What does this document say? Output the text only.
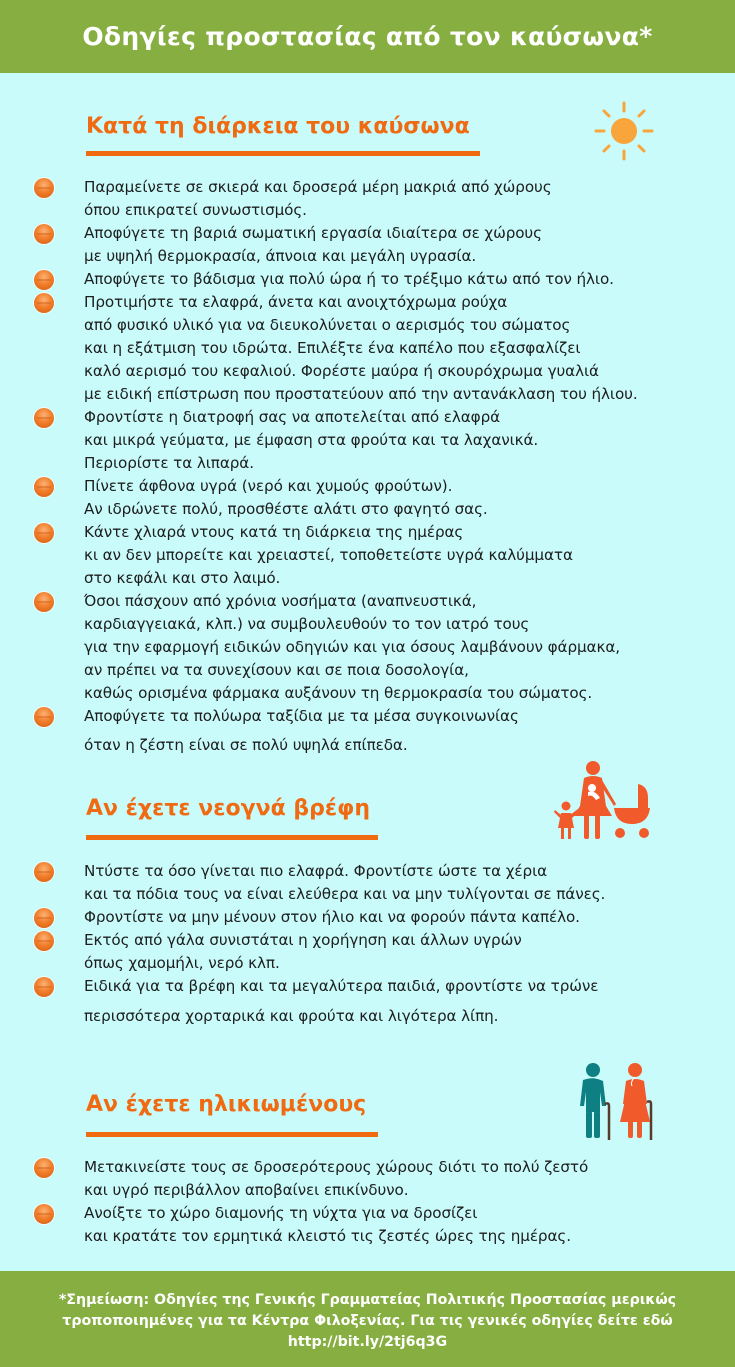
Οδηγίες προστασίας από τον καύσωνα*
Κατά τη διάρκεια του καύσωνα
Παραμείνετε σε σκιερά και δροσερά μέρη μακριά από χώρους
όπου επικρατεί συνωστισμός.
Αποφύγετε τη βαριά σωματική εργασία ιδιαίτερα σε χώρους
με υψηλή θερμοκρασία, άπνοια και μεγάλη υγρασία.
Αποφύγετε το βάδισμα για πολύ ώρα ή το τρέξιμο κάτω από τον ήλιο.
Προτιμήστε τα ελαφρά, άνετα και ανοιχτόχρωμα ρούχα
από φυσικό υλικό για να διευκολύνεται ο αερισμός του σώματος
και η εξάτμιση του ιδρώτα. Επιλέξτε ένα καπέλο που εξασφαλίζει
καλό αερισμό του κεφαλιού. Φορέστε μαύρα ή σκουρόχρωμα γυαλιά
με ειδική επίστρωση που προστατεύουν από την αντανάκλαση του ήλιου.
Φροντίστε η διατροφή σας να αποτελείται από ελαφρά
και μικρά γεύματα, με έμφαση στα φρούτα και τα λαχανικά.
Περιορίστε τα λιπαρά.
Πίνετε άφθονα υγρά (νερό και χυμούς φρούτων).
Αν ιδρώνετε πολύ, προσθέστε αλάτι στο φαγητό σας.
Κάντε χλιαρά ντους κατά τη διάρκεια της ημέρας
κι αν δεν μπορείτε και χρειαστεί, τοποθετείστε υγρά καλύμματα
στο κεφάλι και στο λαιμό.
Όσοι πάσχουν από χρόνια νοσήματα (αναπνευστικά,
καρδιαγγειακά, κλπ.) να συμβουλευθούν το τον ιατρό τους
για την εφαρμογή ειδικών οδηγιών και για όσους λαμβάνουν φάρμακα,
αν πρέπει να τα συνεχίσουν και σε ποια δοσολογία,
καθώς ορισμένα φάρμακα αυξάνουν τη θερμοκρασία του σώματος.
Αποφύγετε τα πολύωρα ταξίδια με τα μέσα συγκοινωνίας
όταν η ζέστη είναι σε πολύ υψηλά επίπεδα.
Αν έχετε νεογνά βρέφη
Ντύστε τα όσο γίνεται πιο ελαφρά. Φροντίστε ώστε τα χέρια
και τα πόδια τους να είναι ελεύθερα και να μην τυλίγονται σε πάνες.
Φροντίστε να μην μένουν στον ήλιο και να φορούν πάντα καπέλο.
Εκτός από γάλα συνιστάται η χορήγηση και άλλων υγρών
όπως χαμομήλι, νερό κλπ.
Ειδικά για τα βρέφη και τα μεγαλύτερα παιδιά, φροντίστε να τρώνε
περισσότερα χορταρικά και φρούτα και λιγότερα λίπη.
Αν έχετε ηλικιωμένους
Μετακινείστε τους σε δροσερότερους χώρους διότι το πολύ ζεστό
και υγρό περιβάλλον αποβαίνει επικίνδυνο.
Ανοίξτε το χώρο διαμονής τη νύχτα για να δροσίζει
και κρατάτε τον ερμητικά κλειστό τις ζεστές ώρες της ημέρας.
*Σημείωση: Οδηγίες της Γενικής Γραμματείας Πολιτικής Προστασίας μερικώς
τροποποιημένες για τα Κέντρα Φιλοξενίας. Για τις γενικές οδηγίες δείτε εδώ
http://bit.ly/2tj6q3G
